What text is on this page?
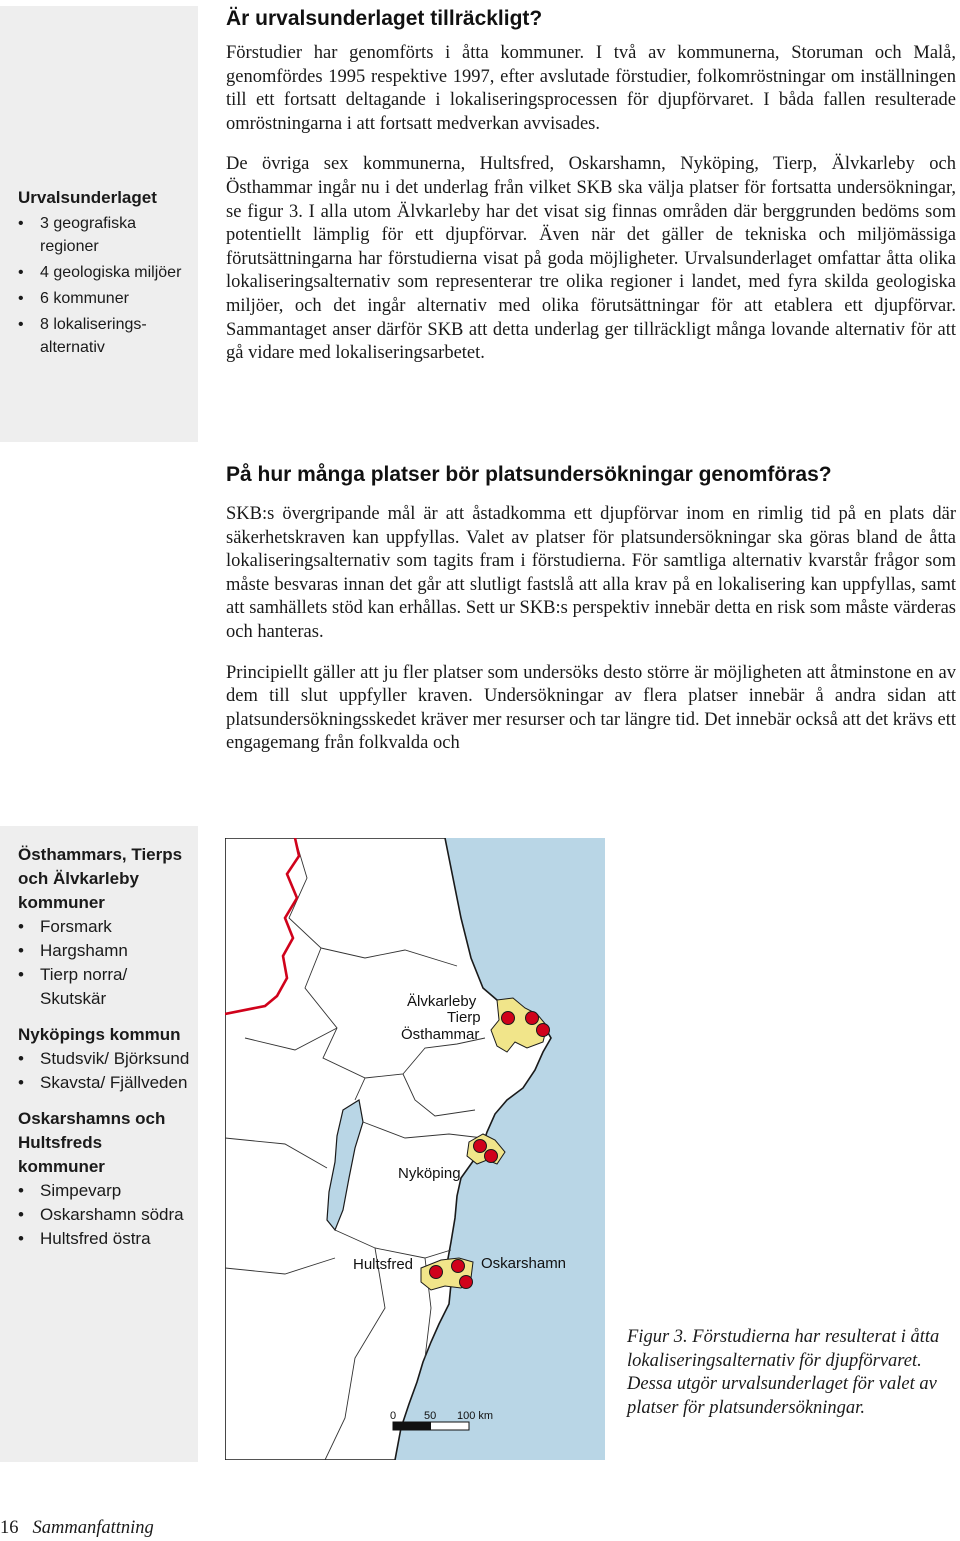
Urvalsunderlaget
• 3 geografiska regioner
• 4 geologiska miljöer
• 6 kommuner
• 8 lokaliserings-alternativ
Är urvalsunderlaget tillräckligt?

Förstudier har genomförts i åtta kommuner. I två av kommunerna, Storuman och Malå, genomfördes 1995 respektive 1997, efter avslutade förstudier, folkomröstningar om inställningen till ett fortsatt deltagande i lokaliseringsprocessen för djupförvaret. I båda fallen resulterade omröstningarna i att fortsatt medverkan avvisades.

De övriga sex kommunerna, Hultsfred, Oskarshamn, Nyköping, Tierp, Älvkarleby och Östhammar ingår nu i det underlag från vilket SKB ska välja platser för fortsatta undersökningar, se figur 3. I alla utom Älvkarleby har det visat sig finnas områden där berggrunden bedöms som potentiellt lämplig för ett djupförvar. Även när det gäller de tekniska och miljömässiga förutsättningarna har förstudierna visat på goda möjligheter. Urvalsunderlaget omfattar åtta olika lokaliseringsalternativ som representerar tre olika regioner i landet, med fyra skilda geologiska miljöer, och det ingår alternativ med olika förutsättningar för att etablera ett djupförvar. Sammantaget anser därför SKB att detta underlag ger tillräckligt många lovande alternativ för att gå vidare med lokaliseringsarbetet.

På hur många platser bör platsundersökningar genomföras?

SKB:s övergripande mål är att åstadkomma ett djupförvar inom en rimlig tid på en plats där säkerhetskraven kan uppfyllas. Valet av platser för platsundersökningar ska göras bland de åtta lokaliseringsalternativ som tagits fram i förstudierna. För samtliga alternativ kvarstår frågor som måste besvaras innan det går att slutligt fastslå att alla krav på en lokalisering kan uppfyllas, samt att samhällets stöd kan erhållas. Sett ur SKB:s perspektiv innebär detta en risk som måste värderas och hanteras.

Principiellt gäller att ju fler platser som undersöks desto större är möjligheten att åtminstone en av dem till slut uppfyller kraven. Undersökningar av flera platser innebär å andra sidan att platsundersökningsskedet kräver mer resurser och tar längre tid. Det innebär också att det krävs ett engagemang från folkvalda och

Östhammars, Tierps och Älvkarleby kommuner
• Forsmark
• Hargshamn
• Tierp norra/ Skutskär
Nyköpings kommun
• Studsvik/ Björksund
• Skavsta/ Fjällveden
Oskarshamns och Hultsfreds kommuner
• Simpevarp
• Oskarshamn södra
• Hultsfred östra
Älvkarleby
Tierp
Östhammar
Nyköping
Hultsfred	Oskarshamn
0	50 100 km
Figur 3. Förstudierna har resulterat i åtta lokaliseringsalternativ för djupförvaret. Dessa utgör urvalsunderlaget för valet av platser för platsundersökningar.
16 Sammanfattning
